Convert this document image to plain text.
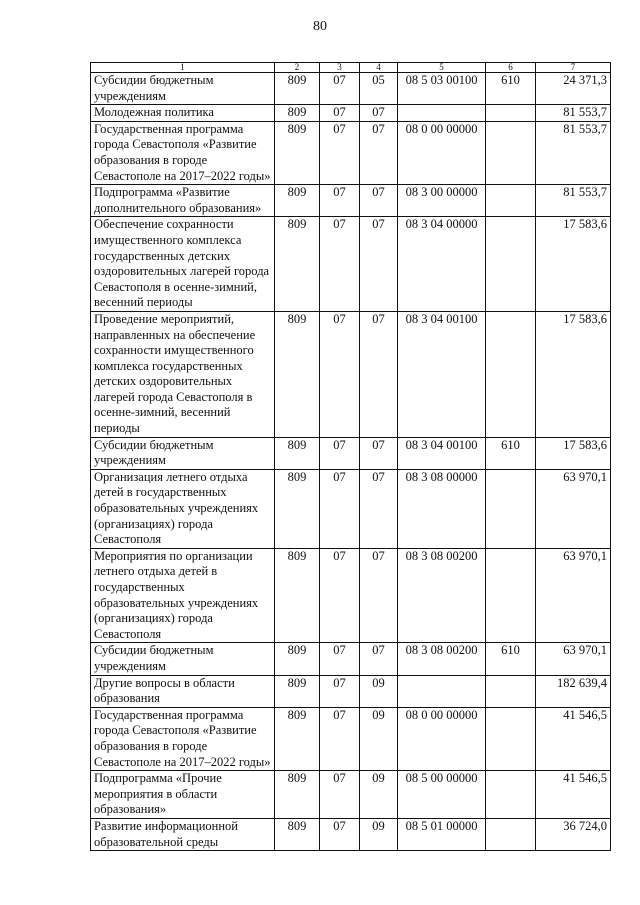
80
1	2	3	4	5	6	7
Субсидии бюджетным учреждениям	809	07	05	08 5 03 00100	610	24 371,3
Молодежная политика	809	07	07			81 553,7
Государственная программа города Севастополя «Развитие образования в городе Севастополе на 2017–2022 годы»	809	07	07	08 0 00 00000		81 553,7
Подпрограмма «Развитие дополнительного образования»	809	07	07	08 3 00 00000		81 553,7
Обеспечение сохранности имущественного комплекса государственных детских оздоровительных лагерей города Севастополя в осенне-зимний, весенний периоды	809	07	07	08 3 04 00000		17 583,6
Проведение мероприятий, направленных на обеспечение сохранности имущественного комплекса государственных детских оздоровительных лагерей города Севастополя в осенне-зимний, весенний периоды	809	07	07	08 3 04 00100		17 583,6
Субсидии бюджетным учреждениям	809	07	07	08 3 04 00100	610	17 583,6
Организация летнего отдыха детей в государственных образовательных учреждениях (организациях) города Севастополя	809	07	07	08 3 08 00000		63 970,1
Мероприятия по организации летнего отдыха детей в государственных образовательных учреждениях (организациях) города Севастополя	809	07	07	08 3 08 00200		63 970,1
Субсидии бюджетным учреждениям	809	07	07	08 3 08 00200	610	63 970,1
Другие вопросы в области образования	809	07	09			182 639,4
Государственная программа города Севастополя «Развитие образования в городе Севастополе на 2017–2022 годы»	809	07	09	08 0 00 00000		41 546,5
Подпрограмма «Прочие мероприятия в области образования»	809	07	09	08 5 00 00000		41 546,5
Развитие информационной образовательной среды	809	07	09	08 5 01 00000		36 724,0
